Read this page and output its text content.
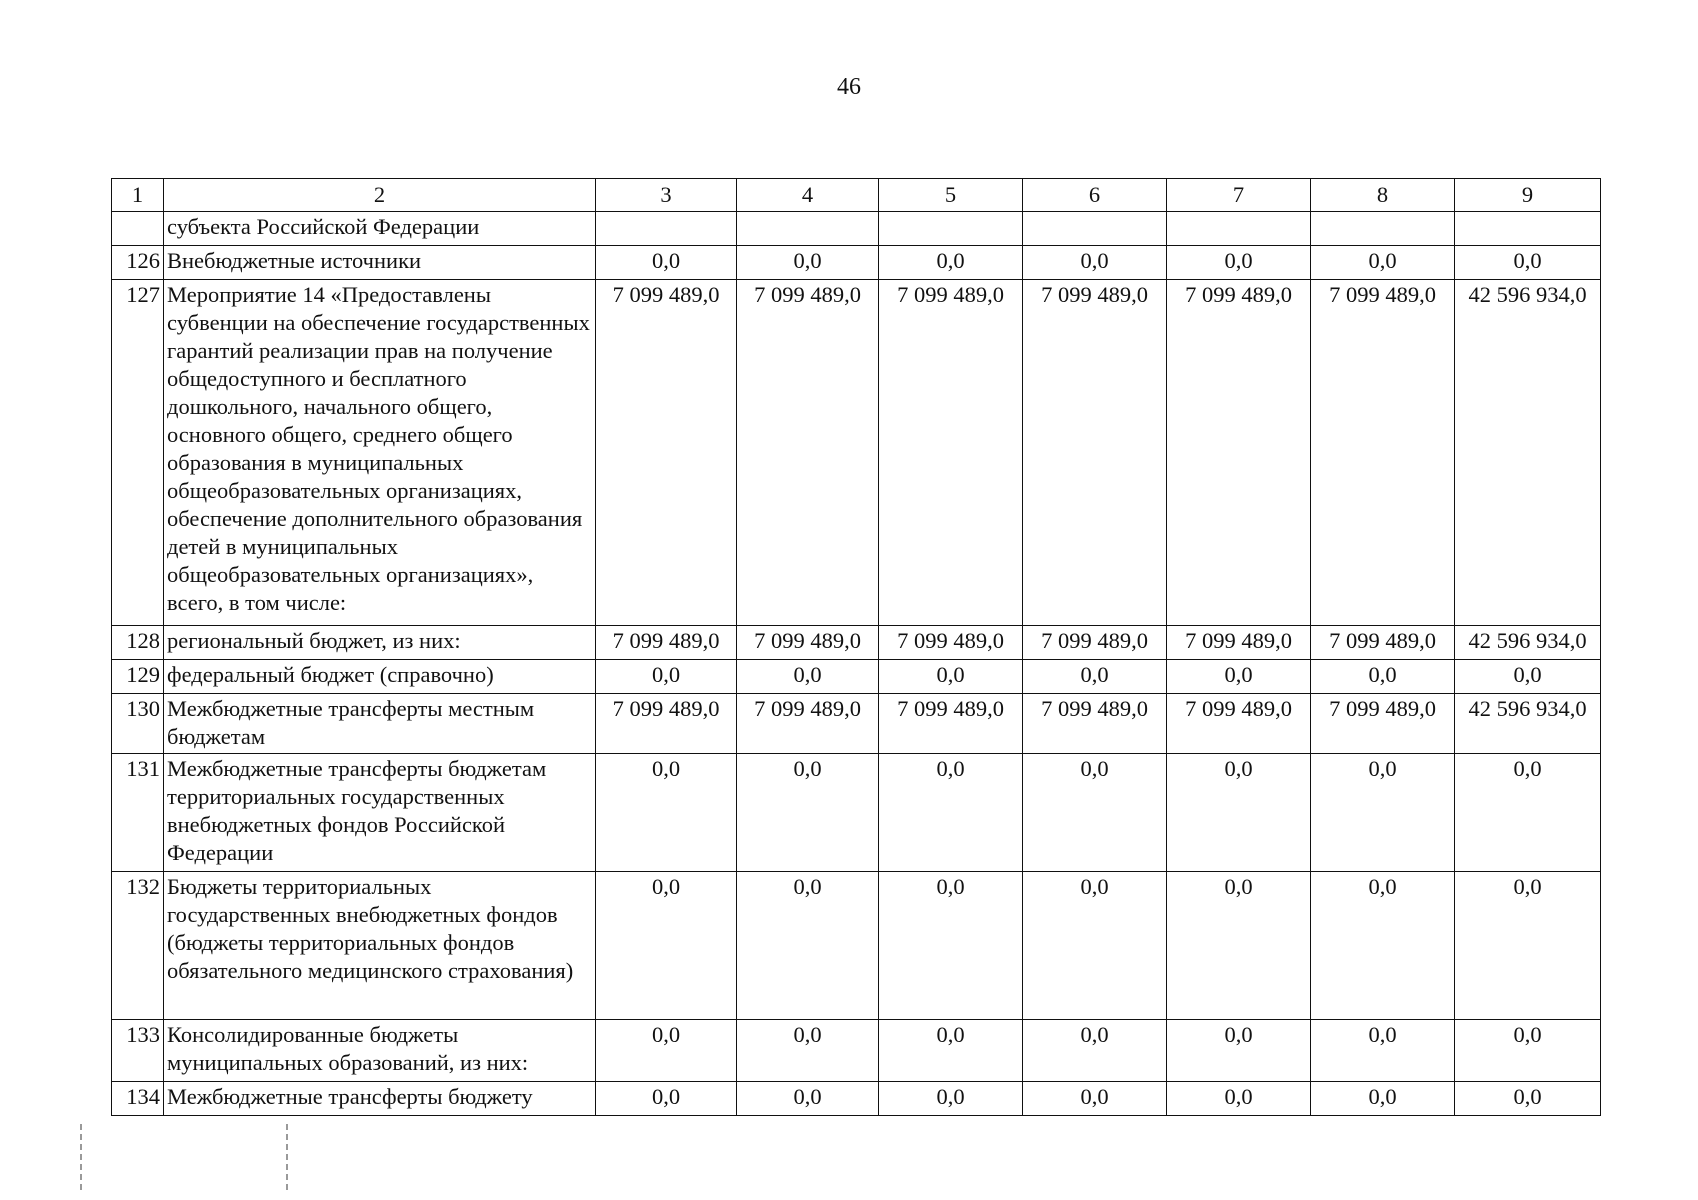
46
1	2	3	4	5	6	7	8	9
	субъекта Российской Федерации							
126	Внебюджетные источники	0,0	0,0	0,0	0,0	0,0	0,0	0,0
127	Мероприятие 14 «Предоставлены субвенции на обеспечение государственных гарантий реализации прав на получение общедоступного и бесплатного дошкольного, начального общего, основного общего, среднего общего образования в муниципальных общеобразовательных организациях, обеспечение дополнительного образования детей в муниципальных общеобразовательных организациях», всего, в том числе:	7 099 489,0	7 099 489,0	7 099 489,0	7 099 489,0	7 099 489,0	7 099 489,0	42 596 934,0
128	региональный бюджет, из них:	7 099 489,0	7 099 489,0	7 099 489,0	7 099 489,0	7 099 489,0	7 099 489,0	42 596 934,0
129	федеральный бюджет (справочно)	0,0	0,0	0,0	0,0	0,0	0,0	0,0
130	Межбюджетные трансферты местным бюджетам	7 099 489,0	7 099 489,0	7 099 489,0	7 099 489,0	7 099 489,0	7 099 489,0	42 596 934,0
131	Межбюджетные трансферты бюджетам территориальных государственных внебюджетных фондов Российской Федерации	0,0	0,0	0,0	0,0	0,0	0,0	0,0
132	Бюджеты территориальных государственных внебюджетных фондов (бюджеты территориальных фондов обязательного медицинского страхования)	0,0	0,0	0,0	0,0	0,0	0,0	0,0
133	Консолидированные бюджеты муниципальных образований, из них:	0,0	0,0	0,0	0,0	0,0	0,0	0,0
134	Межбюджетные трансферты бюджету	0,0	0,0	0,0	0,0	0,0	0,0	0,0
